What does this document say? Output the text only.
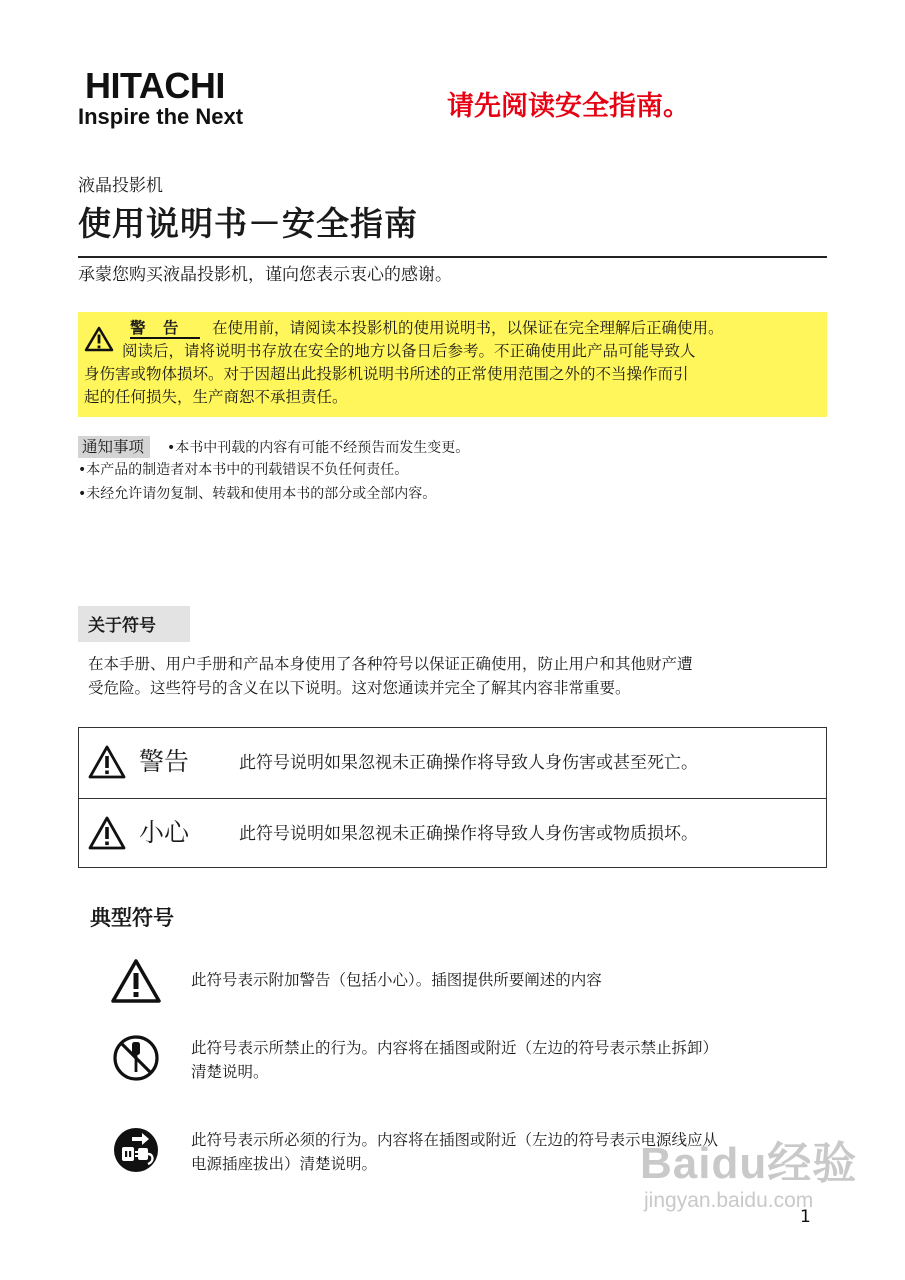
HITACHI
Inspire the Next	请先阅读安全指南。
液晶投影机
使用说明书－安全指南
承蒙您购买液晶投影机，谨向您表示衷心的感谢。
警 告 在使用前，请阅读本投影机的使用说明书，以保证在完全理解后正确使用。
阅读后，请将说明书存放在安全的地方以备日后参考。不正确使用此产品可能导致人
身伤害或物体损坏。对于因超出此投影机说明书所述的正常使用范围之外的不当操作而引
起的任何损失，生产商恕不承担责任。
通知事项	•本书中刊载的内容有可能不经预告而发生变更。
•本产品的制造者对本书中的刊载错误不负任何责任。
•未经允许请勿复制、转载和使用本书的部分或全部内容。
关于符号
在本手册、用户手册和产品本身使用了各种符号以保证正确使用，防止用户和其他财产遭
受危险。这些符号的含义在以下说明。这对您通读并完全了解其内容非常重要。
警告	此符号说明如果忽视未正确操作将导致人身伤害或甚至死亡。
小心	此符号说明如果忽视未正确操作将导致人身伤害或物质损坏。
典型符号
此符号表示附加警告（包括小心）。插图提供所要阐述的内容
此符号表示所禁止的行为。内容将在插图或附近（左边的符号表示禁止拆卸）
清楚说明。
此符号表示所必须的行为。内容将在插图或附近（左边的符号表示电源线应从
电源插座拔出）清楚说明。	Baidu经验
jingyan.baidu.com
1
